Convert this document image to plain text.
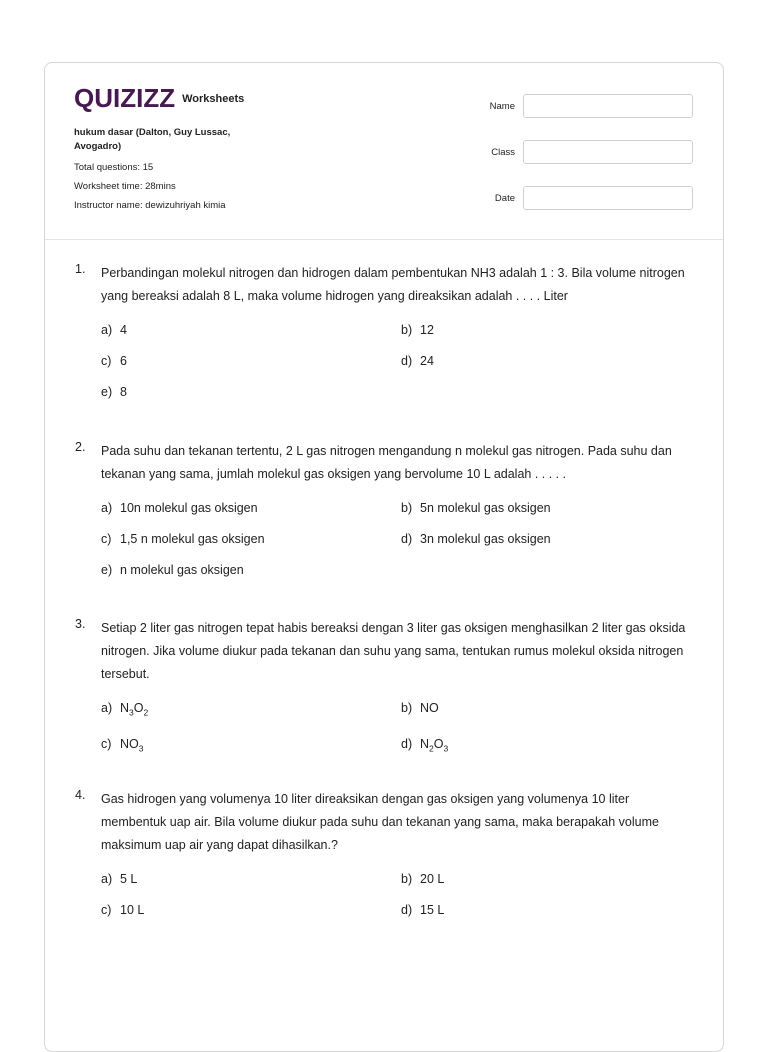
QUIZIZZ Worksheets
hukum dasar (Dalton, Guy Lussac, Avogadro)
Total questions: 15
Worksheet time: 28mins
Instructor name: dewizuhriyah kimia
Name
Class
Date
1. Perbandingan molekul nitrogen dan hidrogen dalam pembentukan NH3 adalah 1 : 3. Bila volume nitrogen yang bereaksi adalah 8 L, maka volume hidrogen yang direaksikan adalah . . . . Liter
a) 4	b) 12
c) 6	d) 24
e) 8
2. Pada suhu dan tekanan tertentu, 2 L gas nitrogen mengandung n molekul gas nitrogen. Pada suhu dan tekanan yang sama, jumlah molekul gas oksigen yang bervolume 10 L adalah . . . . .
a) 10n molekul gas oksigen	b) 5n molekul gas oksigen
c) 1,5 n molekul gas oksigen	d) 3n molekul gas oksigen
e) n molekul gas oksigen
3. Setiap 2 liter gas nitrogen tepat habis bereaksi dengan 3 liter gas oksigen menghasilkan 2 liter gas oksida nitrogen. Jika volume diukur pada tekanan dan suhu yang sama, tentukan rumus molekul oksida nitrogen tersebut.
a) $N_3O_2$	b) NO
c) $NO_3$	d) $N_2O_3$
4. Gas hidrogen yang volumenya 10 liter direaksikan dengan gas oksigen yang volumenya 10 liter membentuk uap air. Bila volume diukur pada suhu dan tekanan yang sama, maka berapakah volume maksimum uap air yang dapat dihasilkan.?
a) 5 L	b) 20 L
c) 10 L	d) 15 L
